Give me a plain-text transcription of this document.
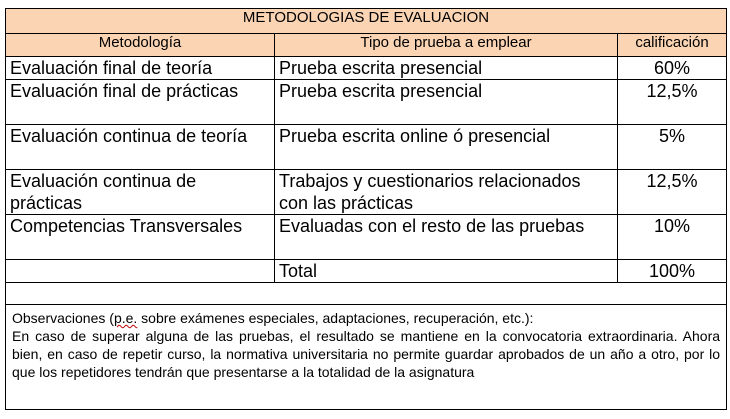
METODOLOGIAS DE EVALUACION		
Metodología	Tipo de prueba a emplear	calificación
Evaluación final de teoría	Prueba escrita presencial	60%
Evaluación final de prácticas	Prueba escrita presencial	12,5%
Evaluación continua de teoría	Prueba escrita online ó presencial	5%
Evaluación continua de prácticas	Trabajos y cuestionarios relacionados con las prácticas	12,5%
Competencias Transversales	Evaluadas con el resto de las pruebas	10%
	Total	100%

Observaciones (p.e. sobre exámenes especiales, adaptaciones, recuperación, etc.):
En caso de superar alguna de las pruebas, el resultado se mantiene en la convocatoria extraordinaria. Ahora bien, en caso de repetir curso, la normativa universitaria no permite guardar aprobados de un año a otro, por lo que los repetidores tendrán que presentarse a la totalidad de la asignatura		
